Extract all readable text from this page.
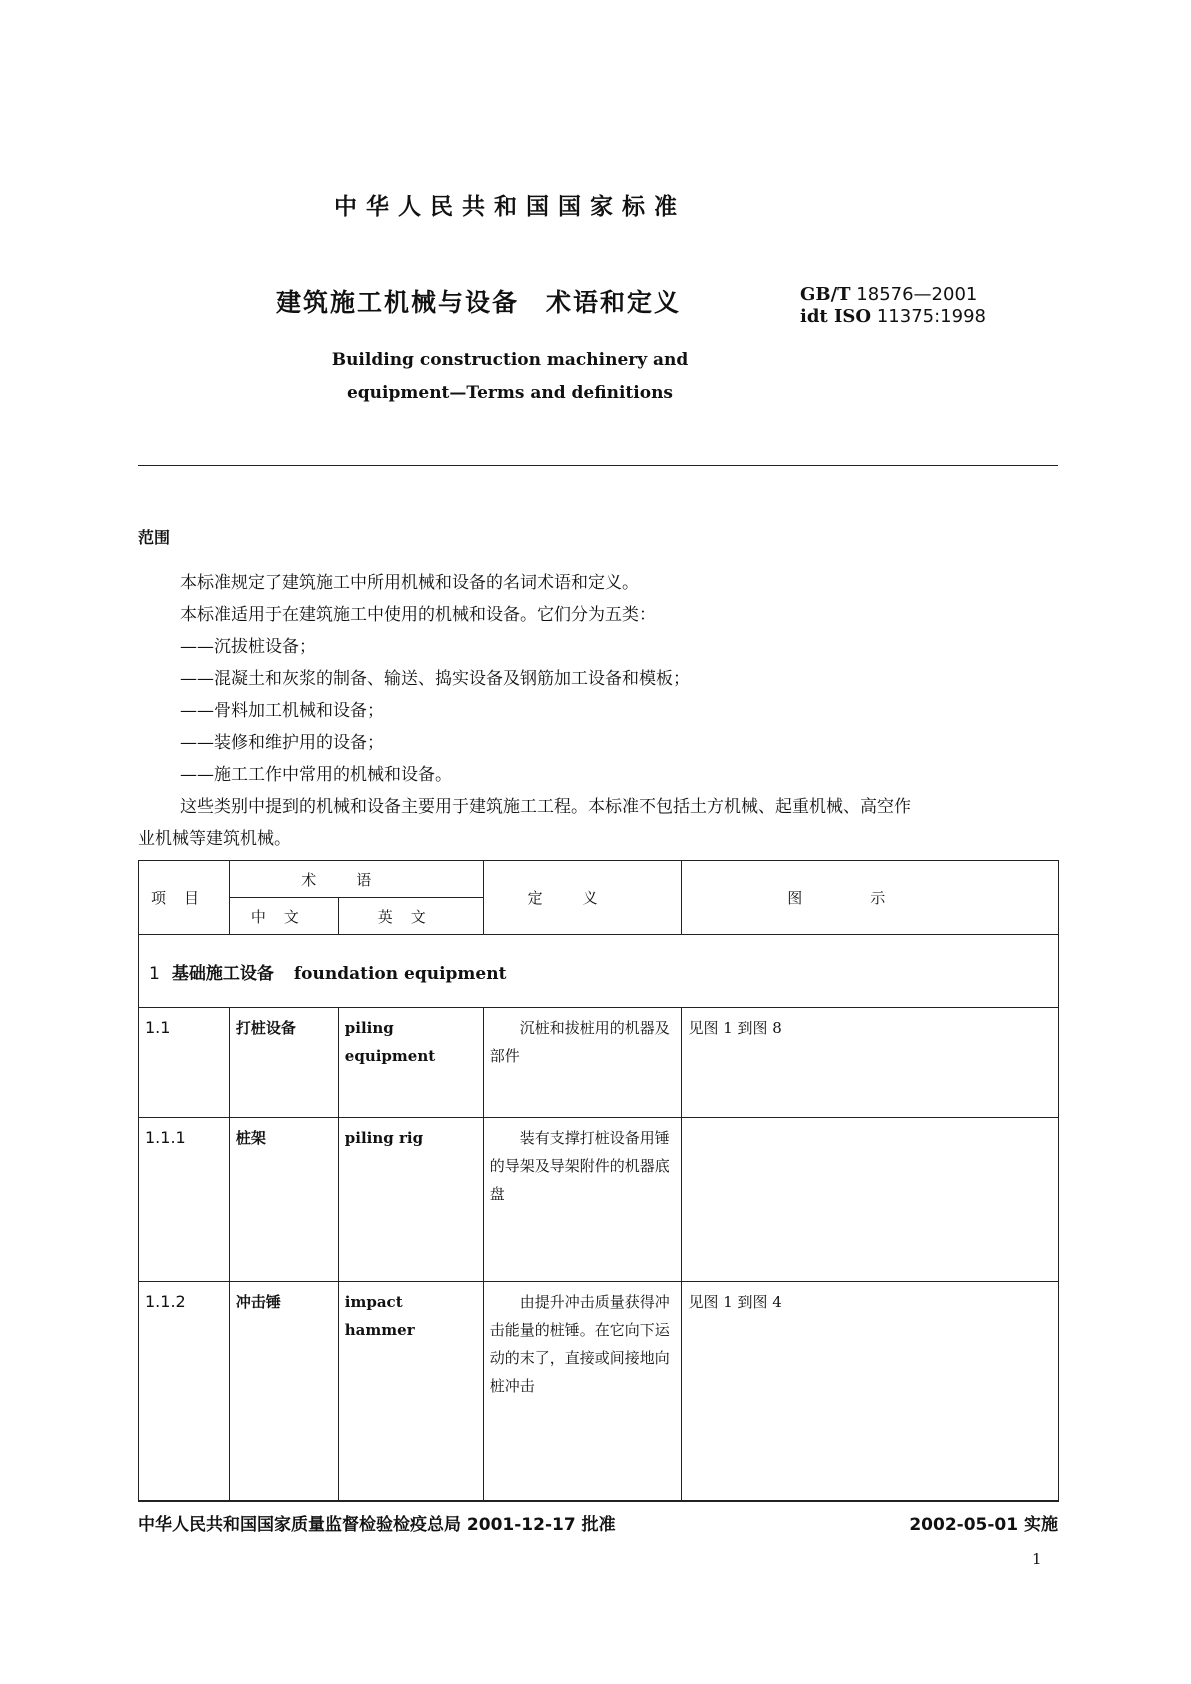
中华人民共和国国家标准
建筑施工机械与设备　术语和定义	GB/T 18576—2001
idt ISO 11375:1998
Building construction machinery and
equipment—Terms and definitions
范围

本标准规定了建筑施工中所用机械和设备的名词术语和定义。

本标准适用于在建筑施工中使用的机械和设备。它们分为五类：

——沉拔桩设备；

——混凝土和灰浆的制备、输送、捣实设备及钢筋加工设备和模板；

——骨料加工机械和设备；

——装修和维护用的设备；

——施工工作中常用的机械和设备。

这些类别中提到的机械和设备主要用于建筑施工工程。本标准不包括土方机械、起重机械、高空作

业机械等建筑机械。

项目	术语		定义	图示
	中文	英文		
1 基础施工设备 foundation equipment				
1.1	打桩设备	piling equipment	沉桩和拔桩用的机器及部件	见图 1 到图 8
1.1.1	桩架	piling rig	装有支撑打桩设备用锤的导架及导架附件的机器底盘	
1.1.2	冲击锤	impact hammer	由提升冲击质量获得冲击能量的桩锤。在它向下运动的末了，直接或间接地向桩冲击	见图 1 到图 4
中华人民共和国国家质量监督检验检疫总局 2001-12-17 批准	2002-05-01 实施
1
